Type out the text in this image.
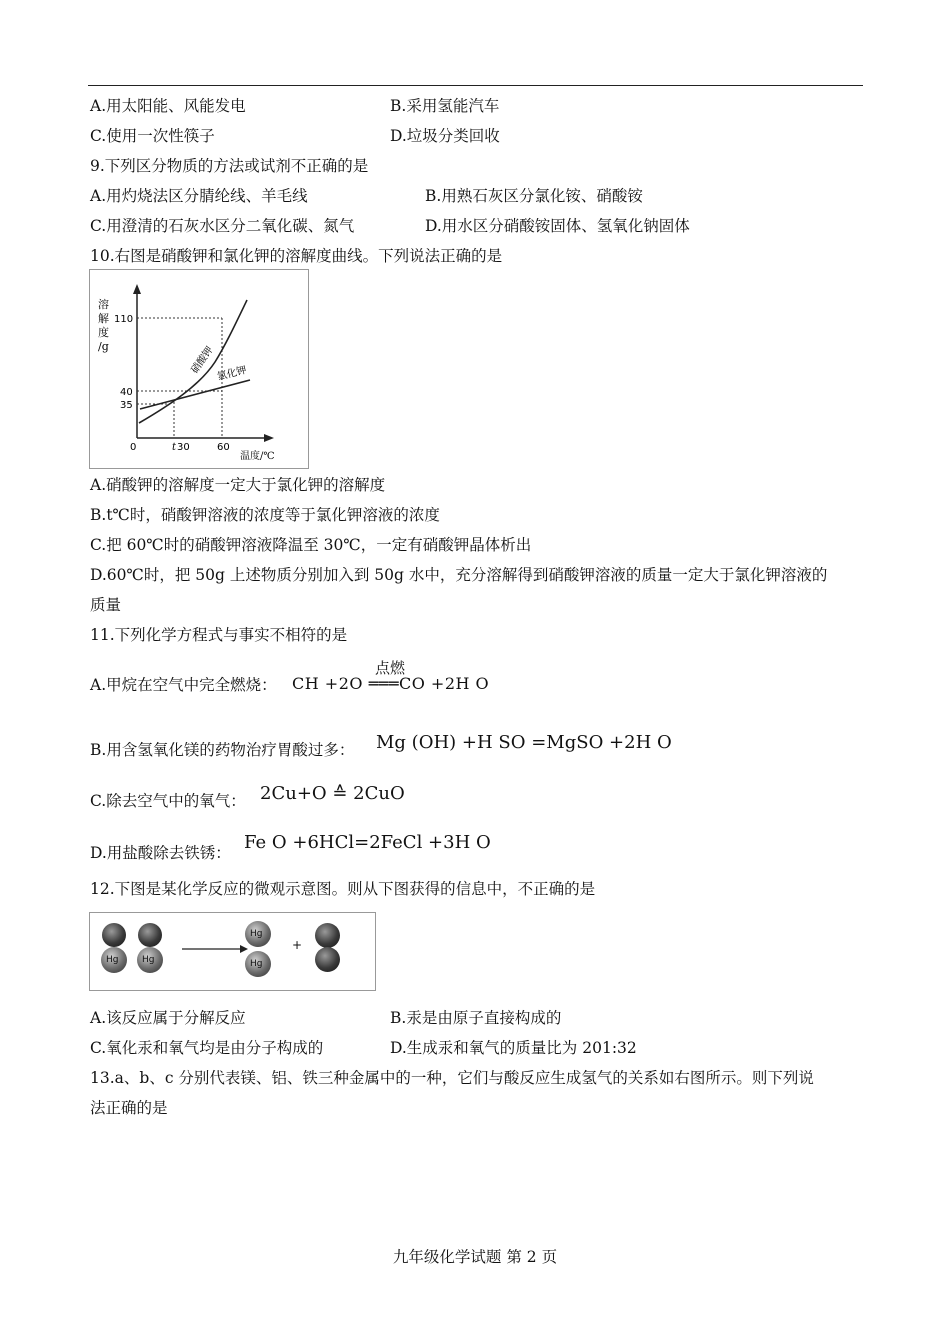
A.用太阳能、风能发电	B.采用氢能汽车
C.使用一次性筷子	D.垃圾分类回收
9.下列区分物质的方法或试剂不正确的是
A.用灼烧法区分腈纶线、羊毛线	B.用熟石灰区分氯化铵、硝酸铵
C.用澄清的石灰水区分二氧化碳、氮气	D.用水区分硝酸铵固体、氢氧化钠固体
10.右图是硝酸钾和氯化钾的溶解度曲线。下列说法正确的是
溶
解
度
/g
110
40
35
0	t 30	60
温度/℃
硝酸钾 氯化钾
A.硝酸钾的溶解度一定大于氯化钾的溶解度
B.t℃时，硝酸钾溶液的浓度等于氯化钾溶液的浓度
C.把 60℃时的硝酸钾溶液降温至 30℃，一定有硝酸钾晶体析出
D.60℃时，把 50g 上述物质分别加入到 50g 水中，充分溶解得到硝酸钾溶液的质量一定大于氯化钾溶液的
质量
11.下列化学方程式与事实不相符的是
A.甲烷在空气中完全燃烧：
点燃
CH +2O ═══CO +2H O
B.用含氢氧化镁的药物治疗胃酸过多： Mg (OH) +H SO =MgSO +2H O
C.除去空气中的氧气： 2Cu+O ≙ 2CuO
D.用盐酸除去铁锈： Fe O +6HCl=2FeCl +3H O
12.下图是某化学反应的微观示意图。则从下图获得的信息中，不正确的是
Hg	Hg
Hg
Hg
+
A.该反应属于分解反应	B.汞是由原子直接构成的
C.氧化汞和氧气均是由分子构成的	D.生成汞和氧气的质量比为 201:32
13.a、b、c 分别代表镁、铝、铁三种金属中的一种，它们与酸反应生成氢气的关系如右图所示。则下列说
法正确的是
九年级化学试题 第 2 页
